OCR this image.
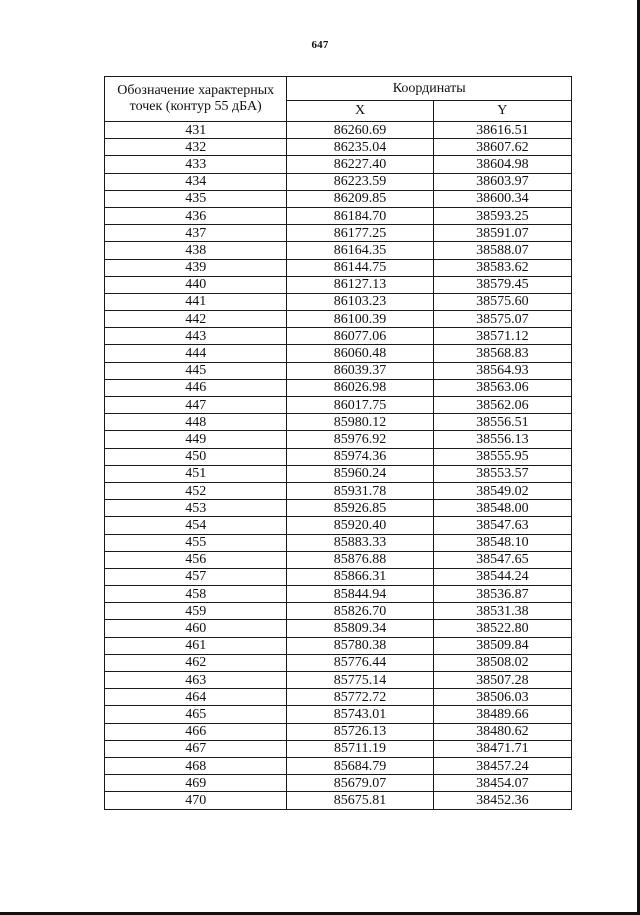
647
Обозначение характерных точек (контур 55 дБА)	Координаты	
	X	Y
431	86260.69	38616.51
432	86235.04	38607.62
433	86227.40	38604.98
434	86223.59	38603.97
435	86209.85	38600.34
436	86184.70	38593.25
437	86177.25	38591.07
438	86164.35	38588.07
439	86144.75	38583.62
440	86127.13	38579.45
441	86103.23	38575.60
442	86100.39	38575.07
443	86077.06	38571.12
444	86060.48	38568.83
445	86039.37	38564.93
446	86026.98	38563.06
447	86017.75	38562.06
448	85980.12	38556.51
449	85976.92	38556.13
450	85974.36	38555.95
451	85960.24	38553.57
452	85931.78	38549.02
453	85926.85	38548.00
454	85920.40	38547.63
455	85883.33	38548.10
456	85876.88	38547.65
457	85866.31	38544.24
458	85844.94	38536.87
459	85826.70	38531.38
460	85809.34	38522.80
461	85780.38	38509.84
462	85776.44	38508.02
463	85775.14	38507.28
464	85772.72	38506.03
465	85743.01	38489.66
466	85726.13	38480.62
467	85711.19	38471.71
468	85684.79	38457.24
469	85679.07	38454.07
470	85675.81	38452.36
